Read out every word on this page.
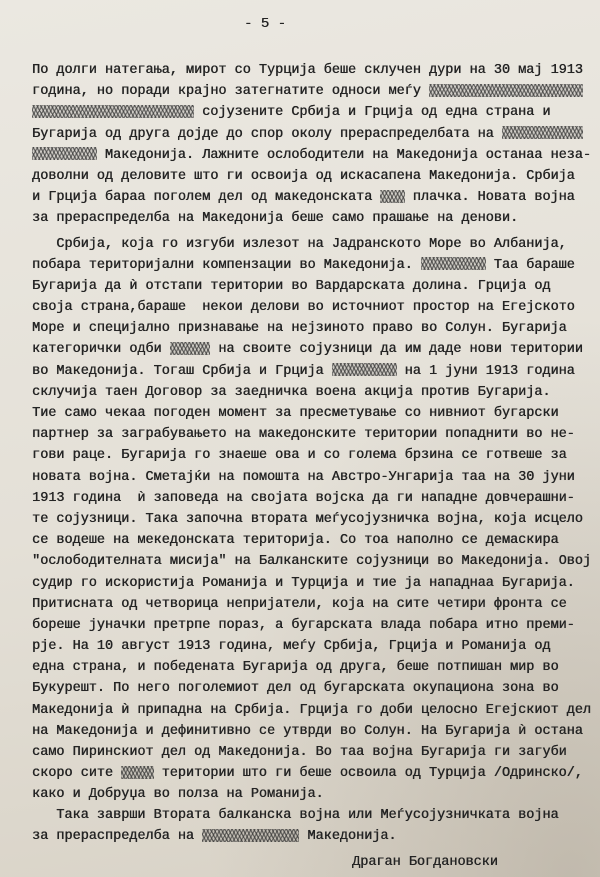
- 5 -
По долги натегања, мирот со Турција беше склучен дури на 30 мај 1913
година, но поради крајно затегнатите односи меѓу
сојузените Србија и Грција од една страна и
Бугарија од друга дојде до спор околу прераспределбата на
Македонија. Лажните ослободители на Македонија останаа неза-
доволни од деловите што ги освоија од искасапена Македонија. Србија
и Грција бараа поголем дел од македонската	плачка. Новата војна
за прераспределба на Македонија беше само прашање на денови.
Србија, која го изгуби излезот на Јадранското Море во Албанија,
побара територијални компензации во Македонија.	Таа бараше
Бугарија да ѝ отстапи територии во Вардарската долина. Грција од
своја страна,бараше  некои делови во источниот простор на Егејското
Море и специјално признавање на нејзиното право во Солун. Бугарија
категорички одби	на своите сојузници да им даде нови територии
во Македонија. Тогаш Србија и Грција	на 1 јуни 1913 година
склучија таен Договор за заедничка воена акција против Бугарија.
Тие само чекаа погоден момент за пресметување со нивниот бугарски
партнер за заграбувањето на македонските територии попаднити во не-
гови раце. Бугарија го знаеше ова и со голема брзина се готвеше за
новата војна. Сметајќи на помошта на Австро-Унгарија таа на 30 јуни
1913 година  ѝ заповеда на својата војска да ги нападне довчерашни-
те сојузници. Така започна втората меѓусојузничка војна, која исцело
се водеше на мекедонската територија. Со тоа наполно се демаскира
"ослободителната мисија" на Балканските сојузници во Македонија. Овој
судир го искористија Романија и Турција и тие ја нападнаа Бугарија.
Притисната од четворица непријатели, која на сите четири фронта се
бореше јуначки претрпе пораз, а бугарската влада побара итно преми-
рје. На 10 август 1913 година, меѓу Србија, Грција и Романија од
една страна, и победената Бугарија од друга, беше потпишан мир во
Букурешт. По него поголемиот дел од бугарската окупациона зона во
Македонија ѝ припадна на Србија. Грција го доби целосно Егејскиот дел
на Македонија и дефинитивно се утврди во Солун. На Бугарија ѝ остана
само Пиринскиот дел од Македонија. Во таа војна Бугарија ги загуби
скоро сите	територии што ги беше освоила од Турција /Одринско/,
како и Добруџа во полза на Романија.
Така заврши Втората балканска војна или Меѓусојузничката војна
за прераспределба на	Македонија.
Драган Богдановски
